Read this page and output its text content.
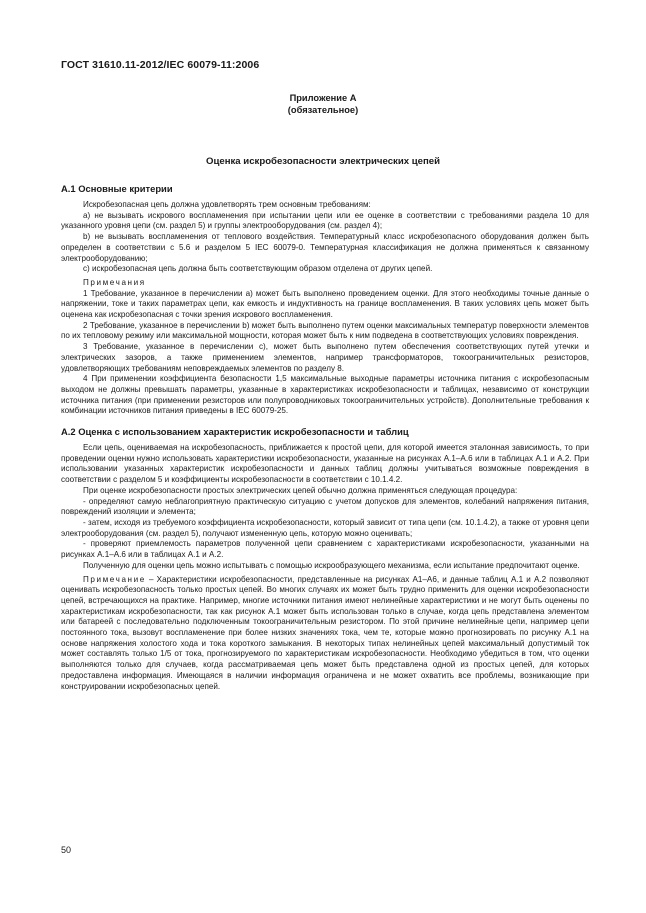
ГОСТ 31610.11-2012/IEC 60079-11:2006
Приложение А
(обязательное)
Оценка искробезопасности электрических цепей
А.1 Основные критерии

Искробезопасная цепь должна удовлетворять трем основным требованиям:

а) не вызывать искрового воспламенения при испытании цепи или ее оценке в соответствии с требованиями раздела 10 для указанного уровня цепи (см. раздел 5) и группы электрооборудования (см. раздел 4);

b) не вызывать воспламенения от теплового воздействия. Температурный класс искробезопасного оборудования должен быть определен в соответствии с 5.6 и разделом 5 IEC 60079-0. Температурная классификация не должна применяться к связанному электрооборудованию;

c) искробезопасная цепь должна быть соответствующим образом отделена от других цепей.

Примечания

1 Требование, указанное в перечислении а) может быть выполнено проведением оценки. Для этого необходимы точные данные о напряжении, токе и таких параметрах цепи, как емкость и индуктивность на границе воспламенения. В таких условиях цепь может быть оценена как искробезопасная с точки зрения искрового воспламенения.

2 Требование, указанное в перечислении b) может быть выполнено путем оценки максимальных температур поверхности элементов по их тепловому режиму или максимальной мощности, которая может быть к ним подведена в соответствующих условиях повреждения.

3 Требование, указанное в перечислении с), может быть выполнено путем обеспечения соответствующих путей утечки и электрических зазоров, а также применением элементов, например трансформаторов, токоограничительных резисторов, удовлетворяющих требованиям неповреждаемых элементов по разделу 8.

4 При применении коэффициента безопасности 1,5 максимальные выходные параметры источника питания с искробезопасным выходом не должны превышать параметры, указанные в характеристиках искробезопасности и таблицах, независимо от конструкции источника питания (при применении резисторов или полупроводниковых токоограничительных устройств). Дополнительные требования к комбинации источников питания приведены в IEC 60079-25.

А.2 Оценка с использованием характеристик искробезопасности и таблиц

Если цепь, оцениваемая на искробезопасность, приближается к простой цепи, для которой имеется эталонная зависимость, то при проведении оценки нужно использовать характеристики искробезопасности, указанные на рисунках А.1–А.6 или в таблицах А.1 и А.2. При использовании указанных характеристик искробезопасности и данных таблиц должны учитываться возможные повреждения в соответствии с разделом 5 и коэффициенты искробезопасности в соответствии с 10.1.4.2.

При оценке искробезопасности простых электрических цепей обычно должна применяться следующая процедура:

- определяют самую неблагоприятную практическую ситуацию с учетом допусков для элементов, колебаний напряжения питания, повреждений изоляции и элемента;

- затем, исходя из требуемого коэффициента искробезопасности, который зависит от типа цепи (см. 10.1.4.2), а также от уровня цепи электрооборудования (см. раздел 5), получают измененную цепь, которую можно оценивать;

- проверяют приемлемость параметров полученной цепи сравнением с характеристиками искробезопасности, указанными на рисунках А.1–А.6 или в таблицах А.1 и А.2.

Полученную для оценки цепь можно испытывать с помощью искрообразующего механизма, если испытание предпочитают оценке.

Примечание – Характеристики искробезопасности, представленные на рисунках А1–А6, и данные таблиц А.1 и А.2 позволяют оценивать искробезопасность только простых цепей. Во многих случаях их может быть трудно применить для оценки искробезопасности цепей, встречающихся на практике. Например, многие источники питания имеют нелинейные характеристики и не могут быть оценены по характеристикам искробезопасности, так как рисунок А.1 может быть использован только в случае, когда цепь представлена элементом или батареей с последовательно подключенным токоограничительным резистором. По этой причине нелинейные цепи, например цепи постоянного тока, вызовут воспламенение при более низких значениях тока, чем те, которые можно прогнозировать по рисунку А.1 на основе напряжения холостого хода и тока короткого замыкания. В некоторых типах нелинейных цепей максимальный допустимый ток может составлять только 1/5 от тока, прогнозируемого по характеристикам искробезопасности. Необходимо убедиться в том, что оценки выполняются только для случаев, когда рассматриваемая цепь может быть представлена одной из простых цепей, для которых предоставлена информация. Имеющаяся в наличии информация ограничена и не может охватить все проблемы, возникающие при конструировании искробезопасных цепей.

50
